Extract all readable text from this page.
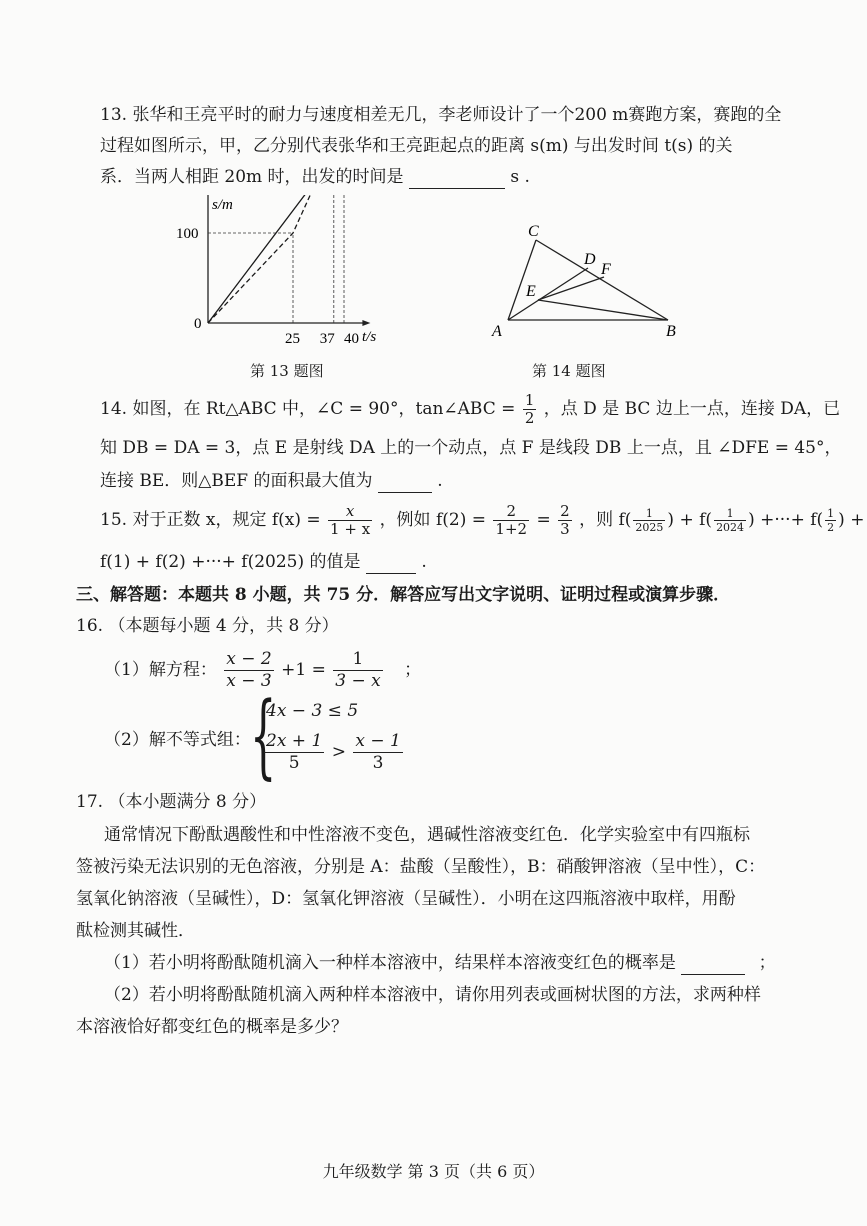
13. 张华和王亮平时的耐力与速度相差无几，李老师设计了一个200 m赛跑方案，赛跑的全
过程如图所示，甲，乙分别代表张华和王亮距起点的距离 s(m) 与出发时间 t(s) 的关
系．当两人相距 20m 时，出发的时间是	s .
s/m
t/s
0
100
25 37 40
第 13 题图
C
D
F
E
A	B
第 14 题图
14. 如图，在 Rt△ABC 中，∠C = 90°，tan∠ABC = $\frac{1}{2}$ ，点 D 是 BC 边上一点，连接 DA，已
知 DB = DA = 3，点 E 是射线 DA 上的一个动点，点 F 是线段 DB 上一点，且 ∠DFE = 45°，
连接 BE．则△BEF 的面积最大值为	.
15. 对于正数 x，规定 $f(x) = \frac{x}{1 + x}$ ，例如 $f(2) = \frac{2}{1+2} = \frac{2}{3}$ ，则 $f( \frac{1}{2025}$ ) + $f( \frac{1}{2024}$ ) +···+ $f( \frac{1}{2}$ ) +
f(1) + f(2) +···+ f(2025) 的值是	.
三、解答题：本题共 8 小题，共 75 分．解答应写出文字说明、证明过程或演算步骤．
16. （本题每小题 4 分，共 8 分）
（1）解方程： $\frac{x - 2}{x - 3} +1 = \frac{1}{3 - x}$ ；
（2）解不等式组： {
4x − 3 ≤ 5
$\frac{2x + 1}{5} > \frac{x - 1}{3}$
17. （本小题满分 8 分）
通常情况下酚酞遇酸性和中性溶液不变色，遇碱性溶液变红色．化学实验室中有四瓶标
签被污染无法识别的无色溶液，分别是 A：盐酸（呈酸性），B：硝酸钾溶液（呈中性），C：
氢氧化钠溶液（呈碱性），D：氢氧化钾溶液（呈碱性）．小明在这四瓶溶液中取样，用酚
酞检测其碱性．
（1）若小明将酚酞随机滴入一种样本溶液中，结果样本溶液变红色的概率是	；
（2）若小明将酚酞随机滴入两种样本溶液中，请你用列表或画树状图的方法，求两种样
本溶液恰好都变红色的概率是多少？
九年级数学 第 3 页（共 6 页）
